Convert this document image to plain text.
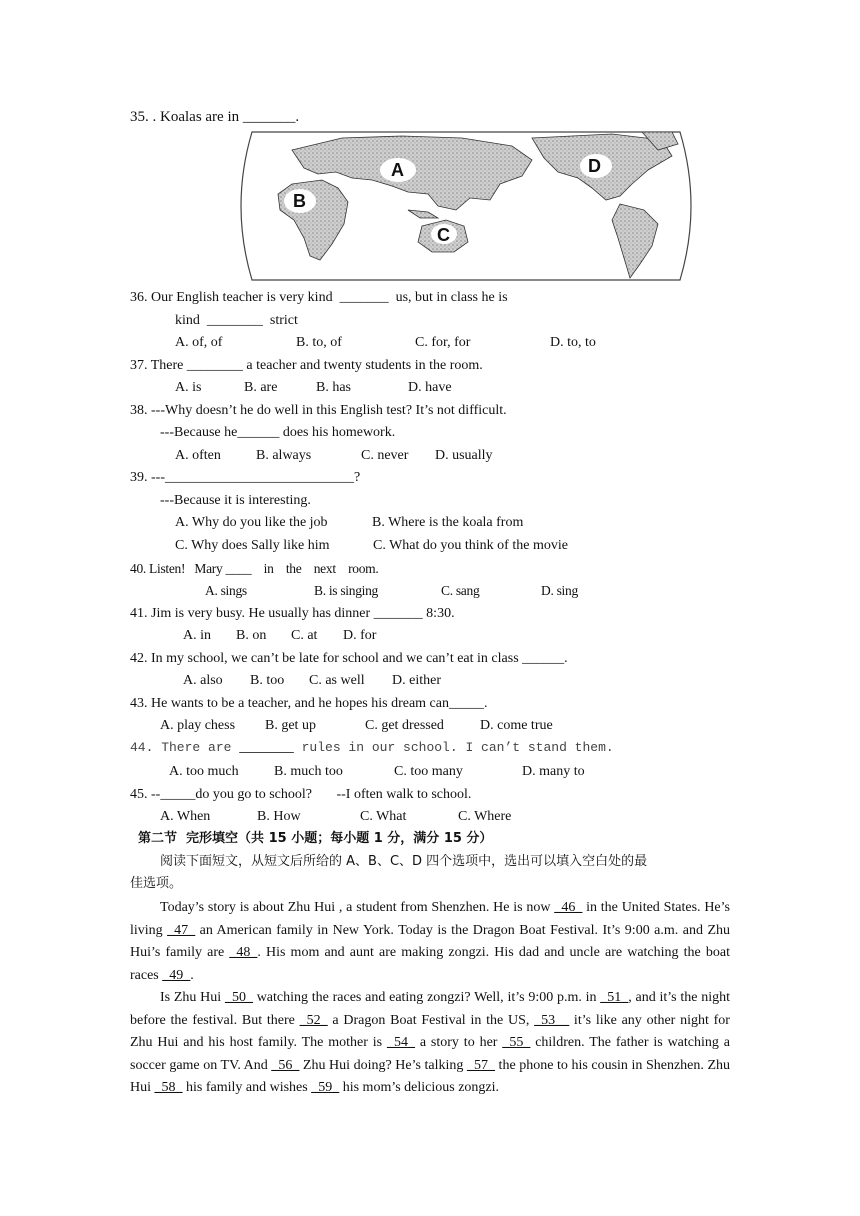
35. . Koalas are in _______.
A
B
C
D
36. Our English teacher is very kind  _______  us, but in class he is
kind  ________  strict
A. of, of	B. to, of	C. for, for	D. to, to
37. There ________ a teacher and twenty students in the room.
A. is	B. are	B. has	D. have
38. ---Why doesn’t he do well in this English test? It’s not difficult.
---Because he______ does his homework.
A. often	B. always	C. never D. usually
39. ---___________________________?
---Because it is interesting.
A. Why do you like the job	B. Where is the koala from
C. Why does Sally like him	C. What do you think of the movie
40. Listen!   Mary ____    in    the    next    room.
A. sings	B. is singing	C. sang	D. sing
41. Jim is very busy. He usually has dinner _______ 8:30.
A. in B. on C. at D. for
42. In my school, we can’t be late for school and we can’t eat in class ______.
A. also B. too C. as well D. either
43. He wants to be a teacher, and he hopes his dream can_____.
A. play chess B. get up	C. get dressed	D. come true
44. There are	rules in our school. I can’t stand them.
A. too much	B. much too	C. too many	D. many to
45. --_____do you go to school?       --I often walk to school.
A. When	B. How	C. What	C. Where
第二节  完形填空（共 15 小题；每小题 1 分，满分 15 分）
阅读下面短文，从短文后所给的 A、B、C、D 四个选项中，选出可以填入空白处的最
佳选项。
Today’s story is about Zhu Hui , a student from Shenzhen. He is now _46_ in the United States. He’s living _47_ an American family in New York. Today is the Dragon Boat Festival. It’s 9:00 a.m. and Zhu Hui’s family are _48_. His mom and aunt are making zongzi. His dad and uncle are watching the boat races _49_.
Is Zhu Hui _50_ watching the races and eating zongzi? Well, it’s 9:00 p.m. in _51_, and it’s the night before the festival. But there _52_ a Dragon Boat Festival in the US, _53__ it’s like any other night for Zhu Hui and his host family. The mother is _54_ a story to her _55_ children. The father is watching a soccer game on TV. And _56_ Zhu Hui doing? He’s talking _57_ the phone to his cousin in Shenzhen. Zhu Hui _58_ his family and wishes _59_ his mom’s delicious zongzi.
